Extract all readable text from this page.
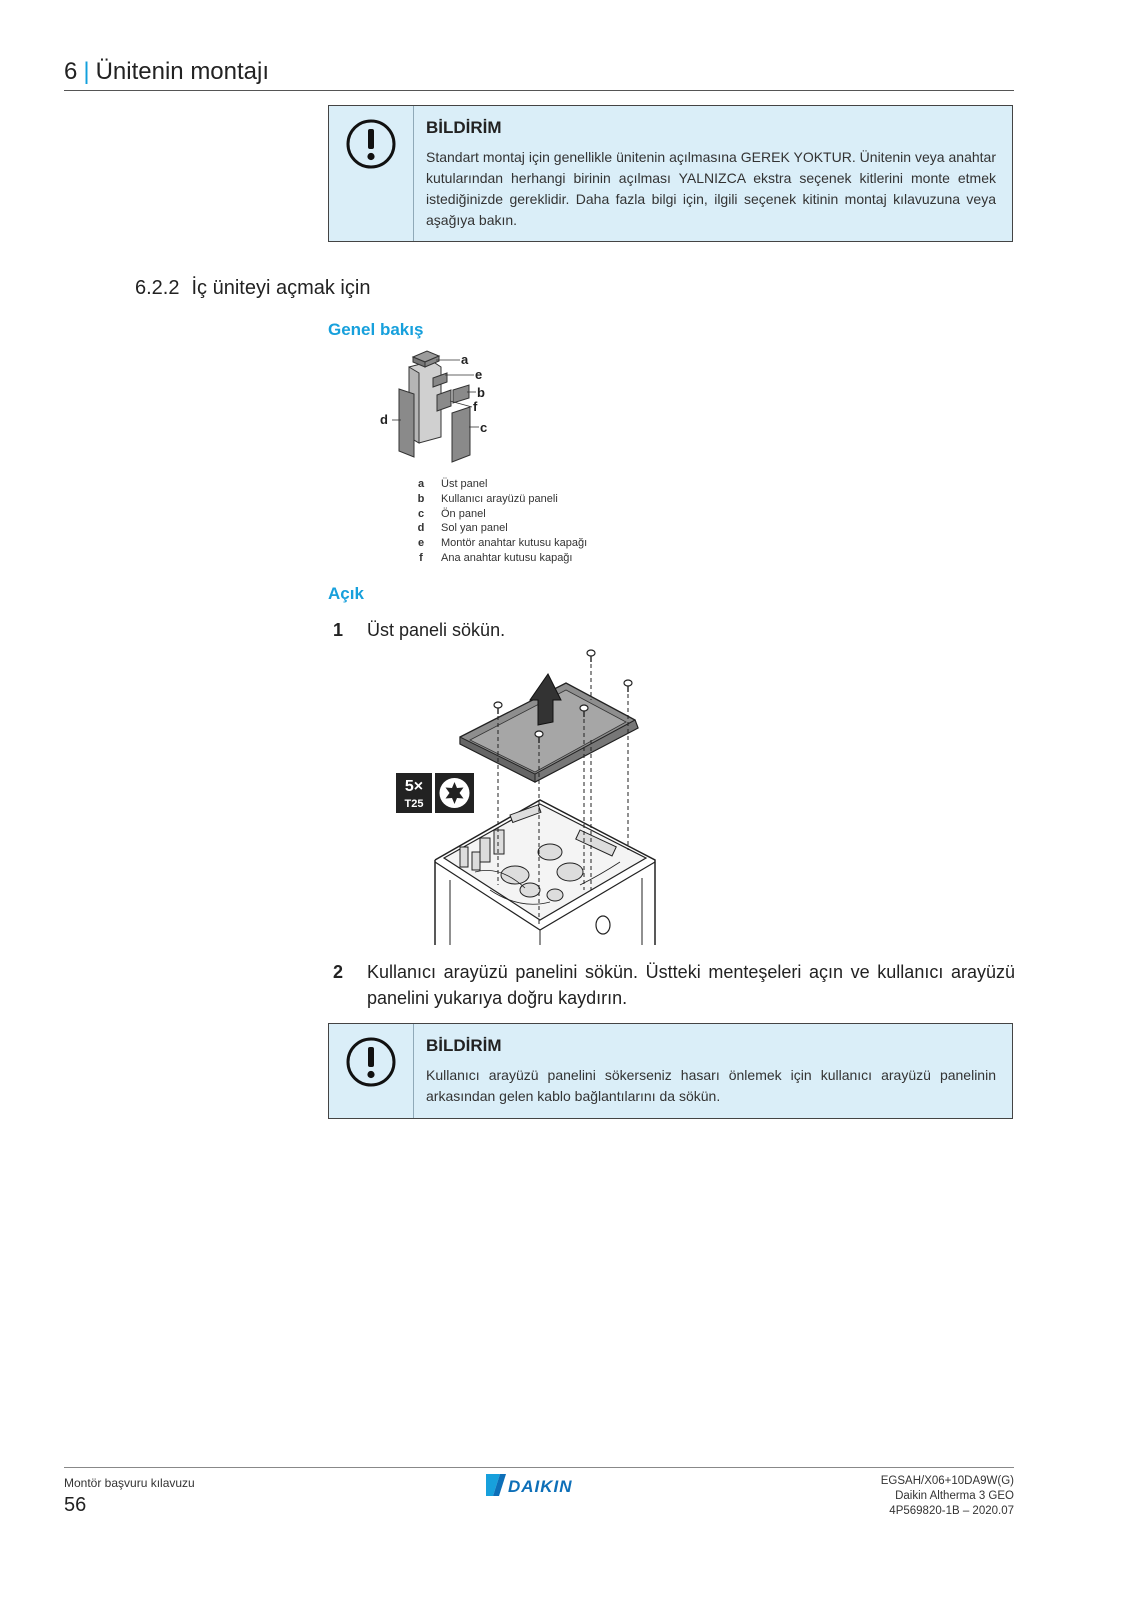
6 | Ünitenin montajı
BİLDİRİM
Standart montaj için genellikle ünitenin açılmasına GEREK YOKTUR. Ünitenin veya anahtar kutularından herhangi birinin açılması YALNIZCA ekstra seçenek kitlerini monte etmek istediğinizde gereklidir. Daha fazla bilgi için, ilgili seçenek kitinin montaj kılavuzuna veya aşağıya bakın.
6.2.2 İç üniteyi açmak için
Genel bakış
a
e
b
f
d
c
a	Üst panel
b	Kullanıcı arayüzü paneli
c	Ön panel
d	Sol yan panel
e	Montör anahtar kutusu kapağı
f	Ana anahtar kutusu kapağı
Açık
1	Üst paneli sökün.
5×
T25
2	Kullanıcı arayüzü panelini sökün. Üstteki menteşeleri açın ve kullanıcı arayüzü panelini yukarıya doğru kaydırın.
BİLDİRİM
Kullanıcı arayüzü panelini sökerseniz hasarı önlemek için kullanıcı arayüzü panelinin arkasından gelen kablo bağlantılarını da sökün.
Montör başvuru kılavuzu
56
DAIKIN	EGSAH/X06+10DA9W(G)
Daikin Altherma 3 GEO
4P569820-1B – 2020.07
